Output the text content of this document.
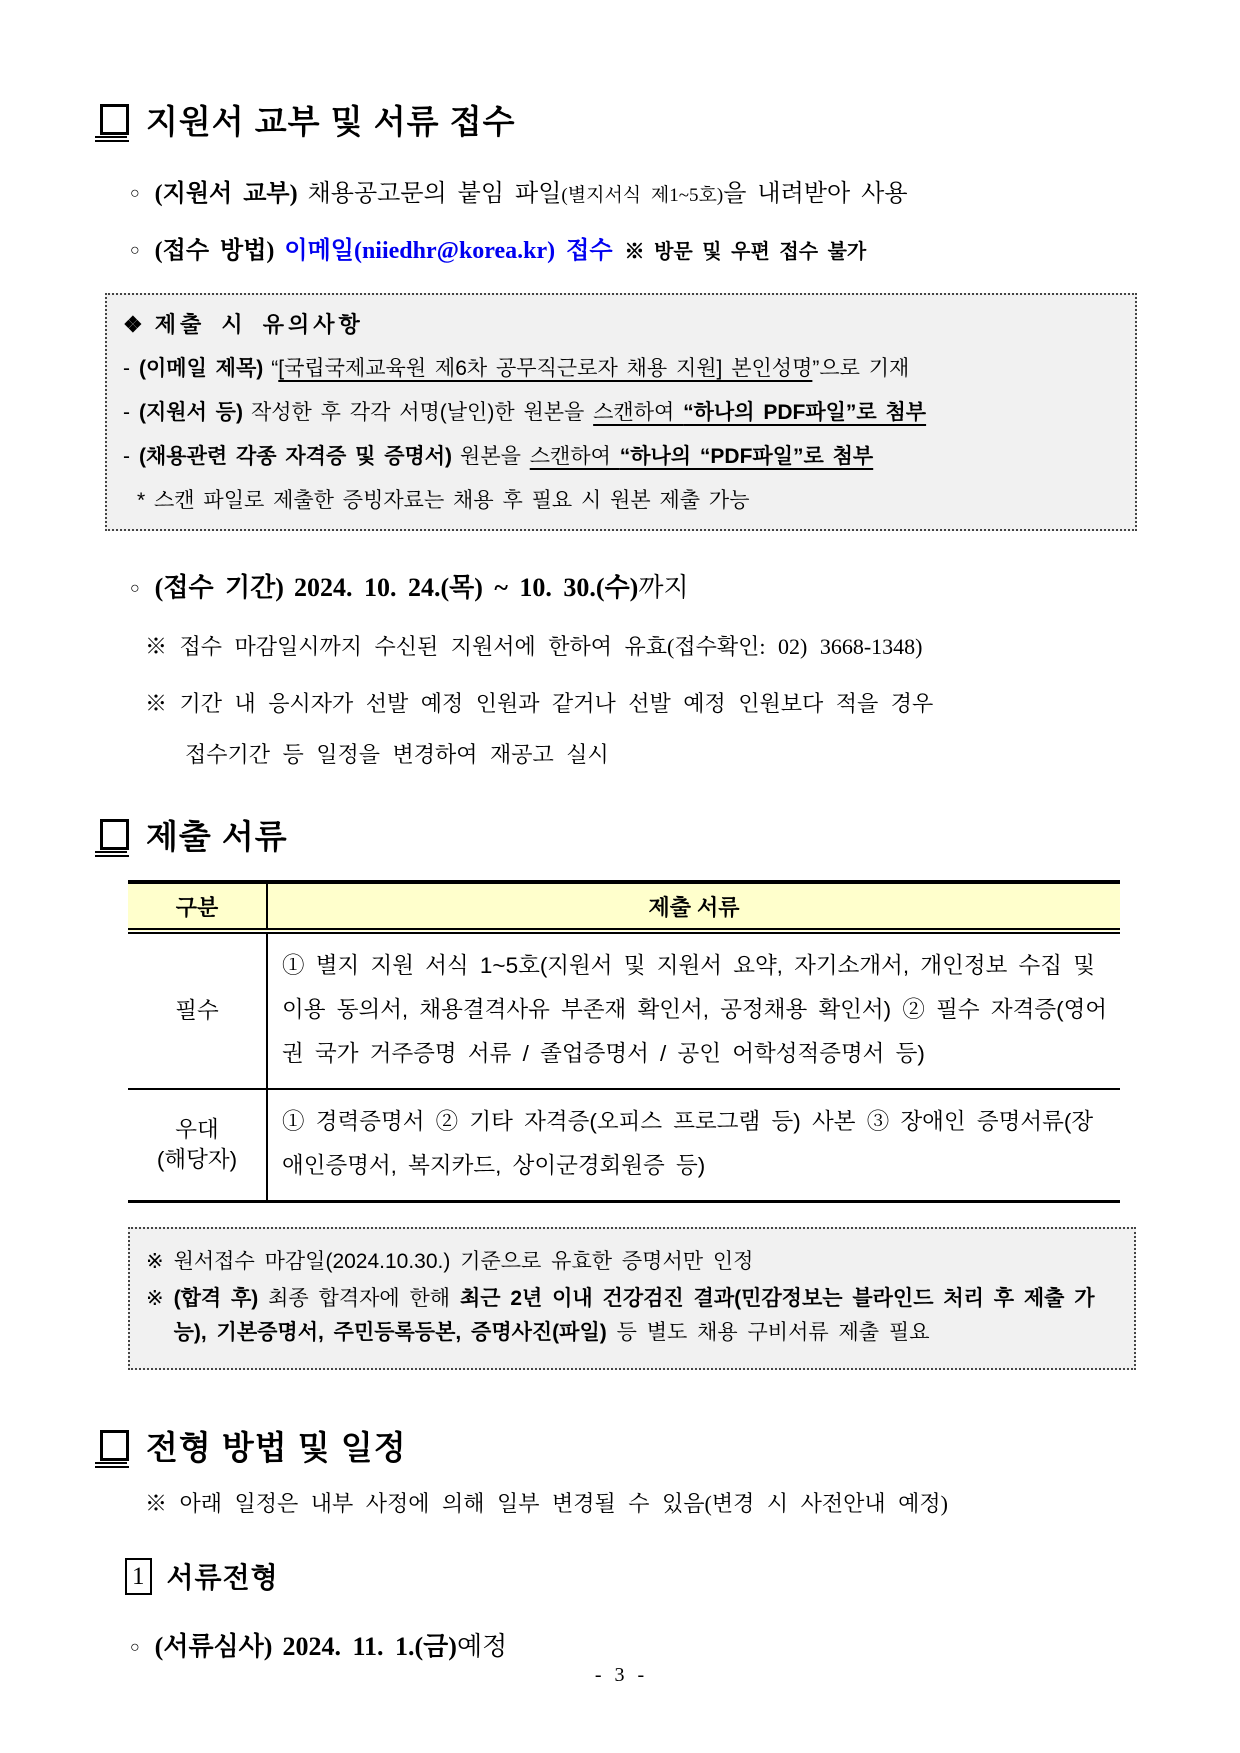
지원서 교부 및 서류 접수
○ (지원서 교부) 채용공고문의 붙임 파일(별지서식 제1~5호)을 내려받아 사용
○ (접수 방법) 이메일(niiedhr@korea.kr) 접수 ※ 방문 및 우편 접수 불가
❖ 제출 시 유의사항
- (이메일 제목) “[국립국제교육원 제6차 공무직근로자 채용 지원] 본인성명”으로 기재
- (지원서 등) 작성한 후 각각 서명(날인)한 원본을 스캔하여 “하나의 PDF파일”로 첨부
- (채용관련 각종 자격증 및 증명서) 원본을 스캔하여 “하나의 “PDF파일”로 첨부
* 스캔 파일로 제출한 증빙자료는 채용 후 필요 시 원본 제출 가능
○ (접수 기간) 2024. 10. 24.(목) ~ 10. 30.(수)까지
※ 접수 마감일시까지 수신된 지원서에 한하여 유효(접수확인: 02) 3668-1348)
※ 기간 내 응시자가 선발 예정 인원과 같거나 선발 예정 인원보다 적을 경우
접수기간 등 일정을 변경하여 재공고 실시
제출 서류
구분	제출 서류

필수	① 별지 지원 서식 1~5호(지원서 및 지원서 요약, 자기소개서, 개인정보 수집 및 이용 동의서, 채용결격사유 부존재 확인서, 공정채용 확인서) ② 필수 자격증(영어권 국가 거주증명 서류 / 졸업증명서 / 공인 어학성적증명서 등)

우대
(해당자)	① 경력증명서 ② 기타 자격증(오피스 프로그램 등) 사본 ③ 장애인 증명서류(장애인증명서, 복지카드, 상이군경회원증 등)
※ 원서접수 마감일(2024.10.30.) 기준으로 유효한 증명서만 인정
※ (합격 후) 최종 합격자에 한해 최근 2년 이내 건강검진 결과(민감정보는 블라인드 처리 후 제출 가능), 기본증명서, 주민등록등본, 증명사진(파일) 등 별도 채용 구비서류 제출 필요
전형 방법 및 일정
※ 아래 일정은 내부 사정에 의해 일부 변경될 수 있음(변경 시 사전안내 예정)
1 서류전형
○ (서류심사) 2024. 11. 1.(금)예정
- 3 -
